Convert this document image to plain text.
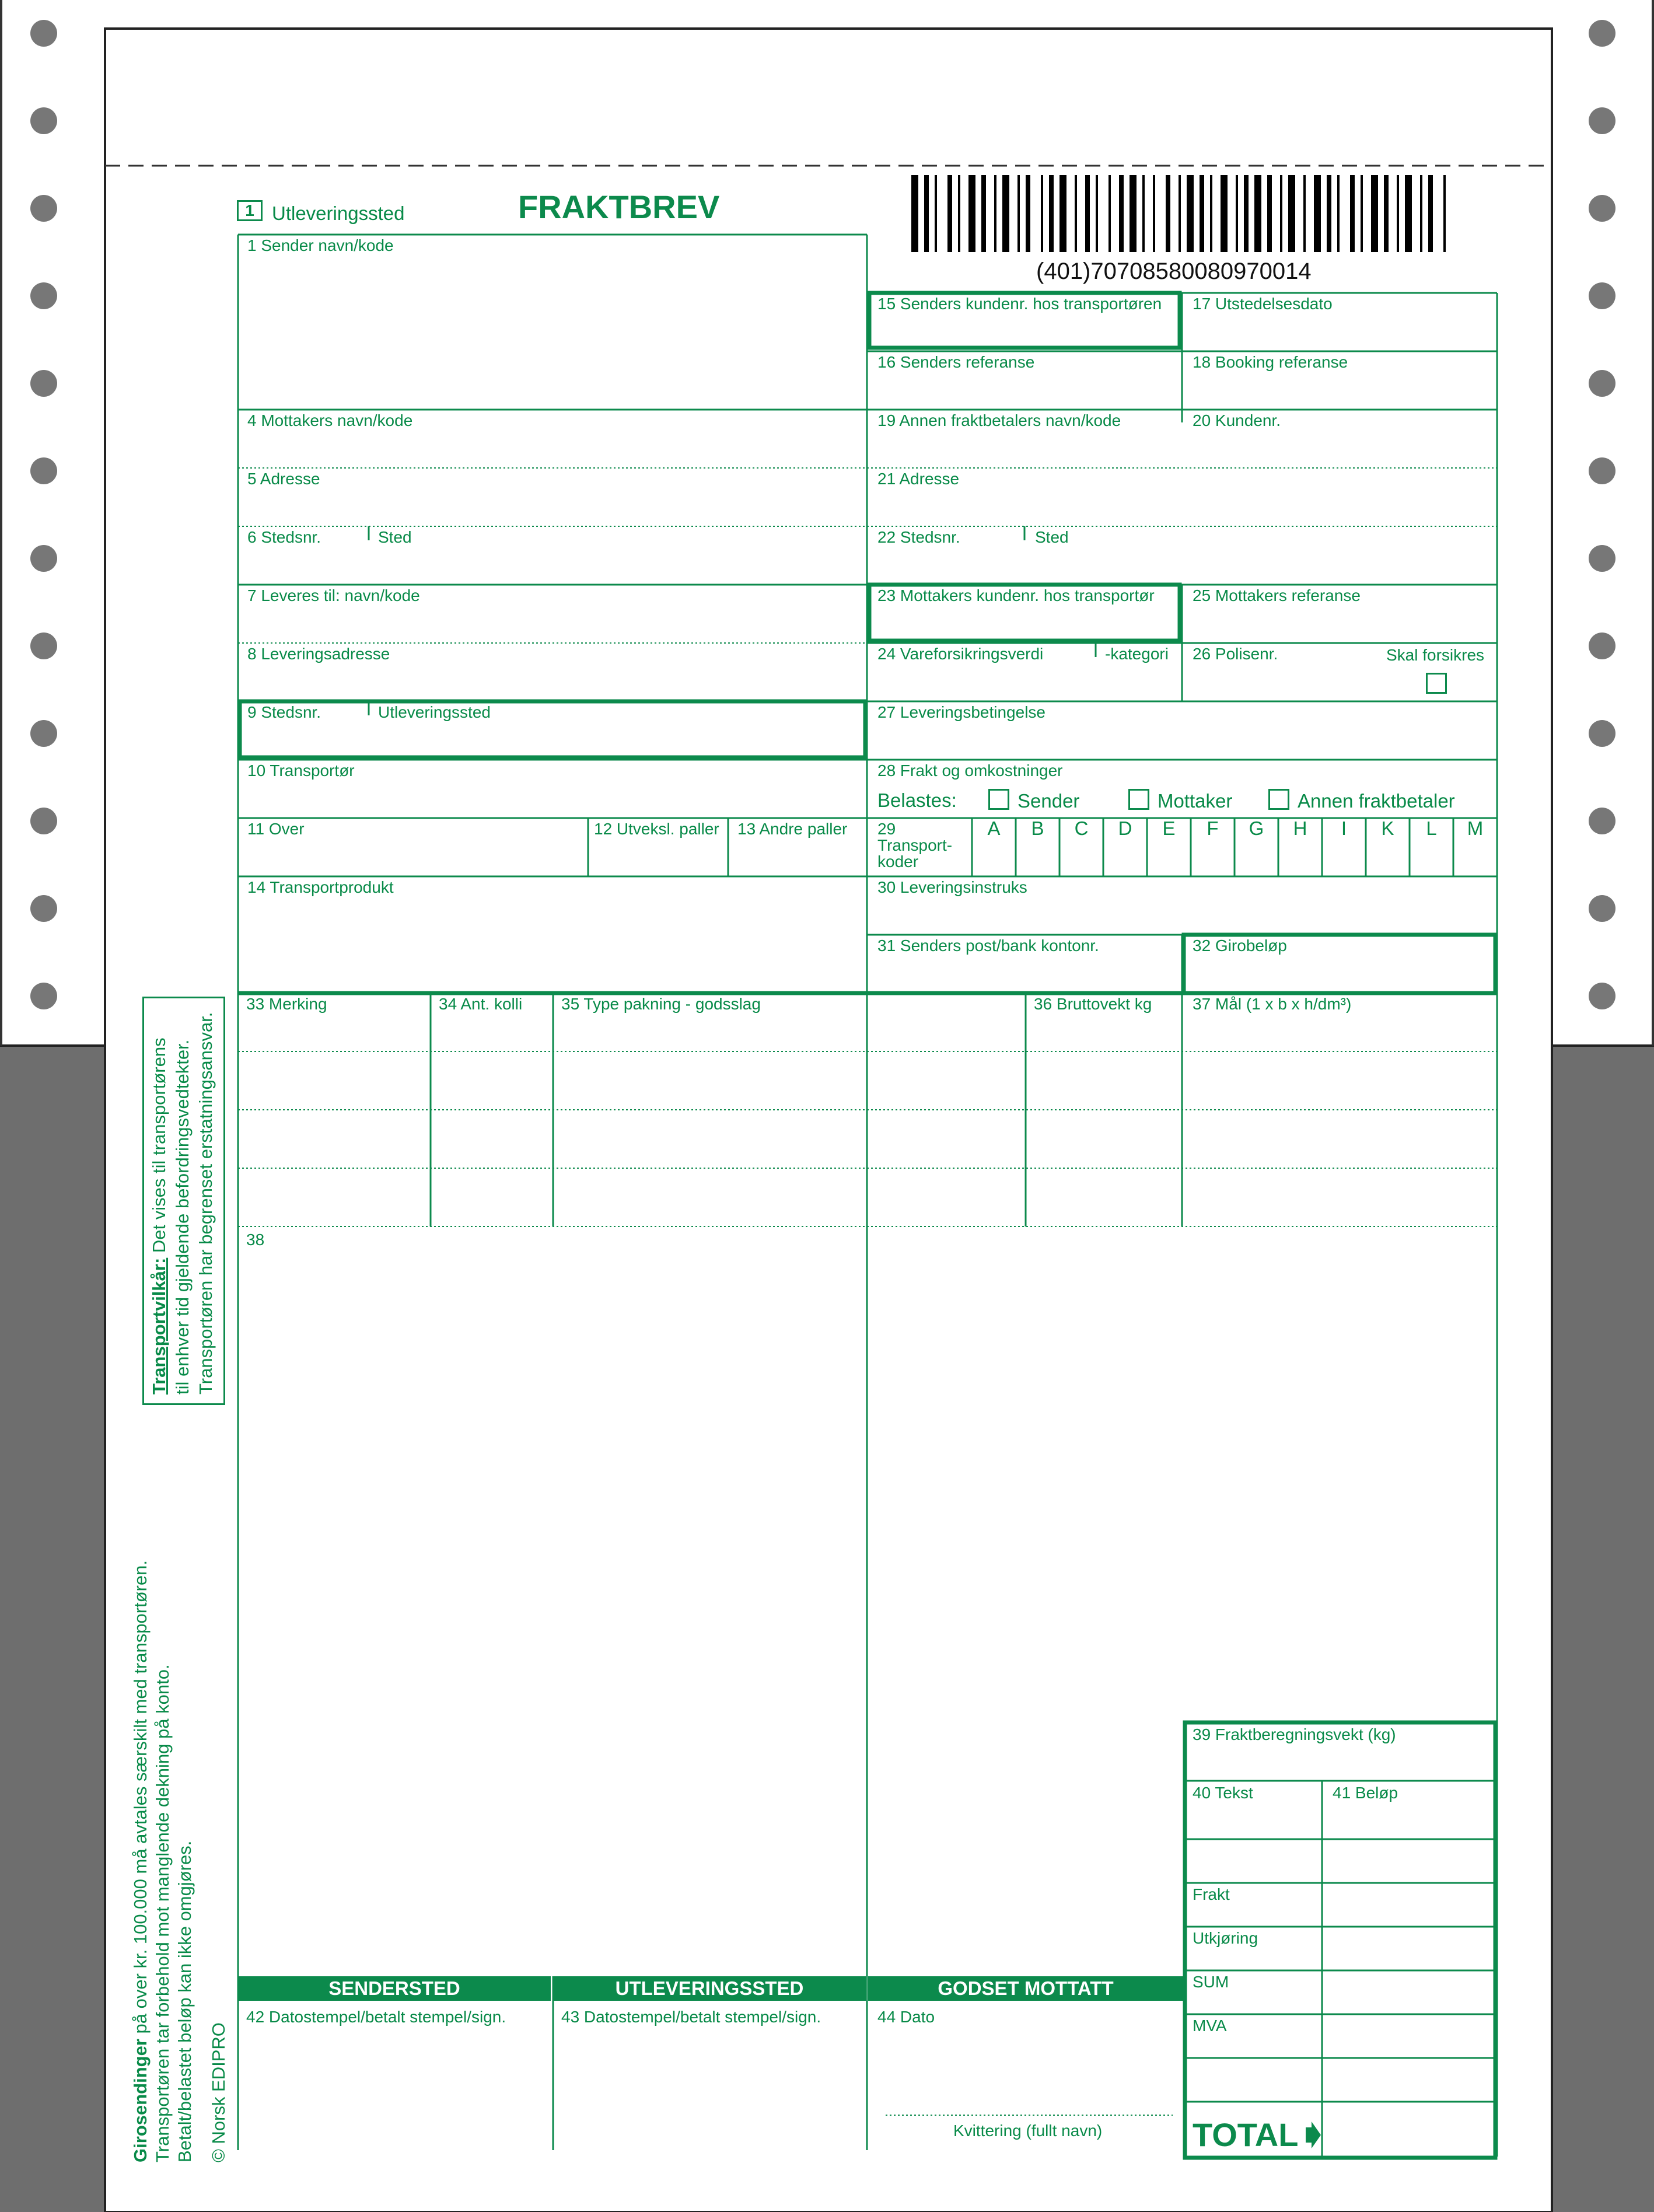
1 Utleveringssted	FRAKTBREV
(401)70708580080970014
1 Sender navn/kode
4 Mottakers navn/kode
5 Adresse
6 Stedsnr.	Sted
7 Leveres til: navn/kode
8 Leveringsadresse
9 Stedsnr.	Utleveringssted
10 Transportør
11 Over	12 Utveksl. paller 13 Andre paller
14 Transportprodukt
15 Senders kundenr. hos transportøren
16 Senders referanse
17 Utstedelsesdato
18 Booking referanse
19 Annen fraktbetalers navn/kode	20 Kundenr.
21 Adresse
22 Stedsnr.	Sted
23 Mottakers kundenr. hos transportør 25 Mottakers referanse
24 Vareforsikringsverdi	-kategori 26 Polisenr.	Skal forsikres
27 Leveringsbetingelse
28 Frakt og omkostninger
Belastes:	Sender	Mottaker	Annen fraktbetaler
29
Transport-
koder
A	B	C	D	E	F	G	H	I	K	L	M
30 Leveringsinstruks
31 Senders post/bank kontonr.	32 Girobeløp
33 Merking	34 Ant. kolli 35 Type pakning - godsslag	36 Bruttovekt kg 37 Mål (1 x b x h/dm³)
38
39 Fraktberegningsvekt (kg)
40 Tekst	41 Beløp
Frakt
Utkjøring
SUM
MVA
TOTAL
SENDERSTED	UTLEVERINGSSTED	GODSET MOTTATT
42 Datostempel/betalt stempel/sign.	43 Datostempel/betalt stempel/sign.	44 Dato
Kvittering (fullt navn)
Transportvilkår: Det vises til transportørens til enhver tid gjeldende befordringsvedtekter. Transportøren har begrenset erstatningsansvar.
Girosendinger på over kr. 100.000 må avtales særskilt med transportøren. Transportøren tar forbehold mot manglende dekning på konto. Betalt/belastet beløp kan ikke omgjøres. © Norsk EDIPRO
